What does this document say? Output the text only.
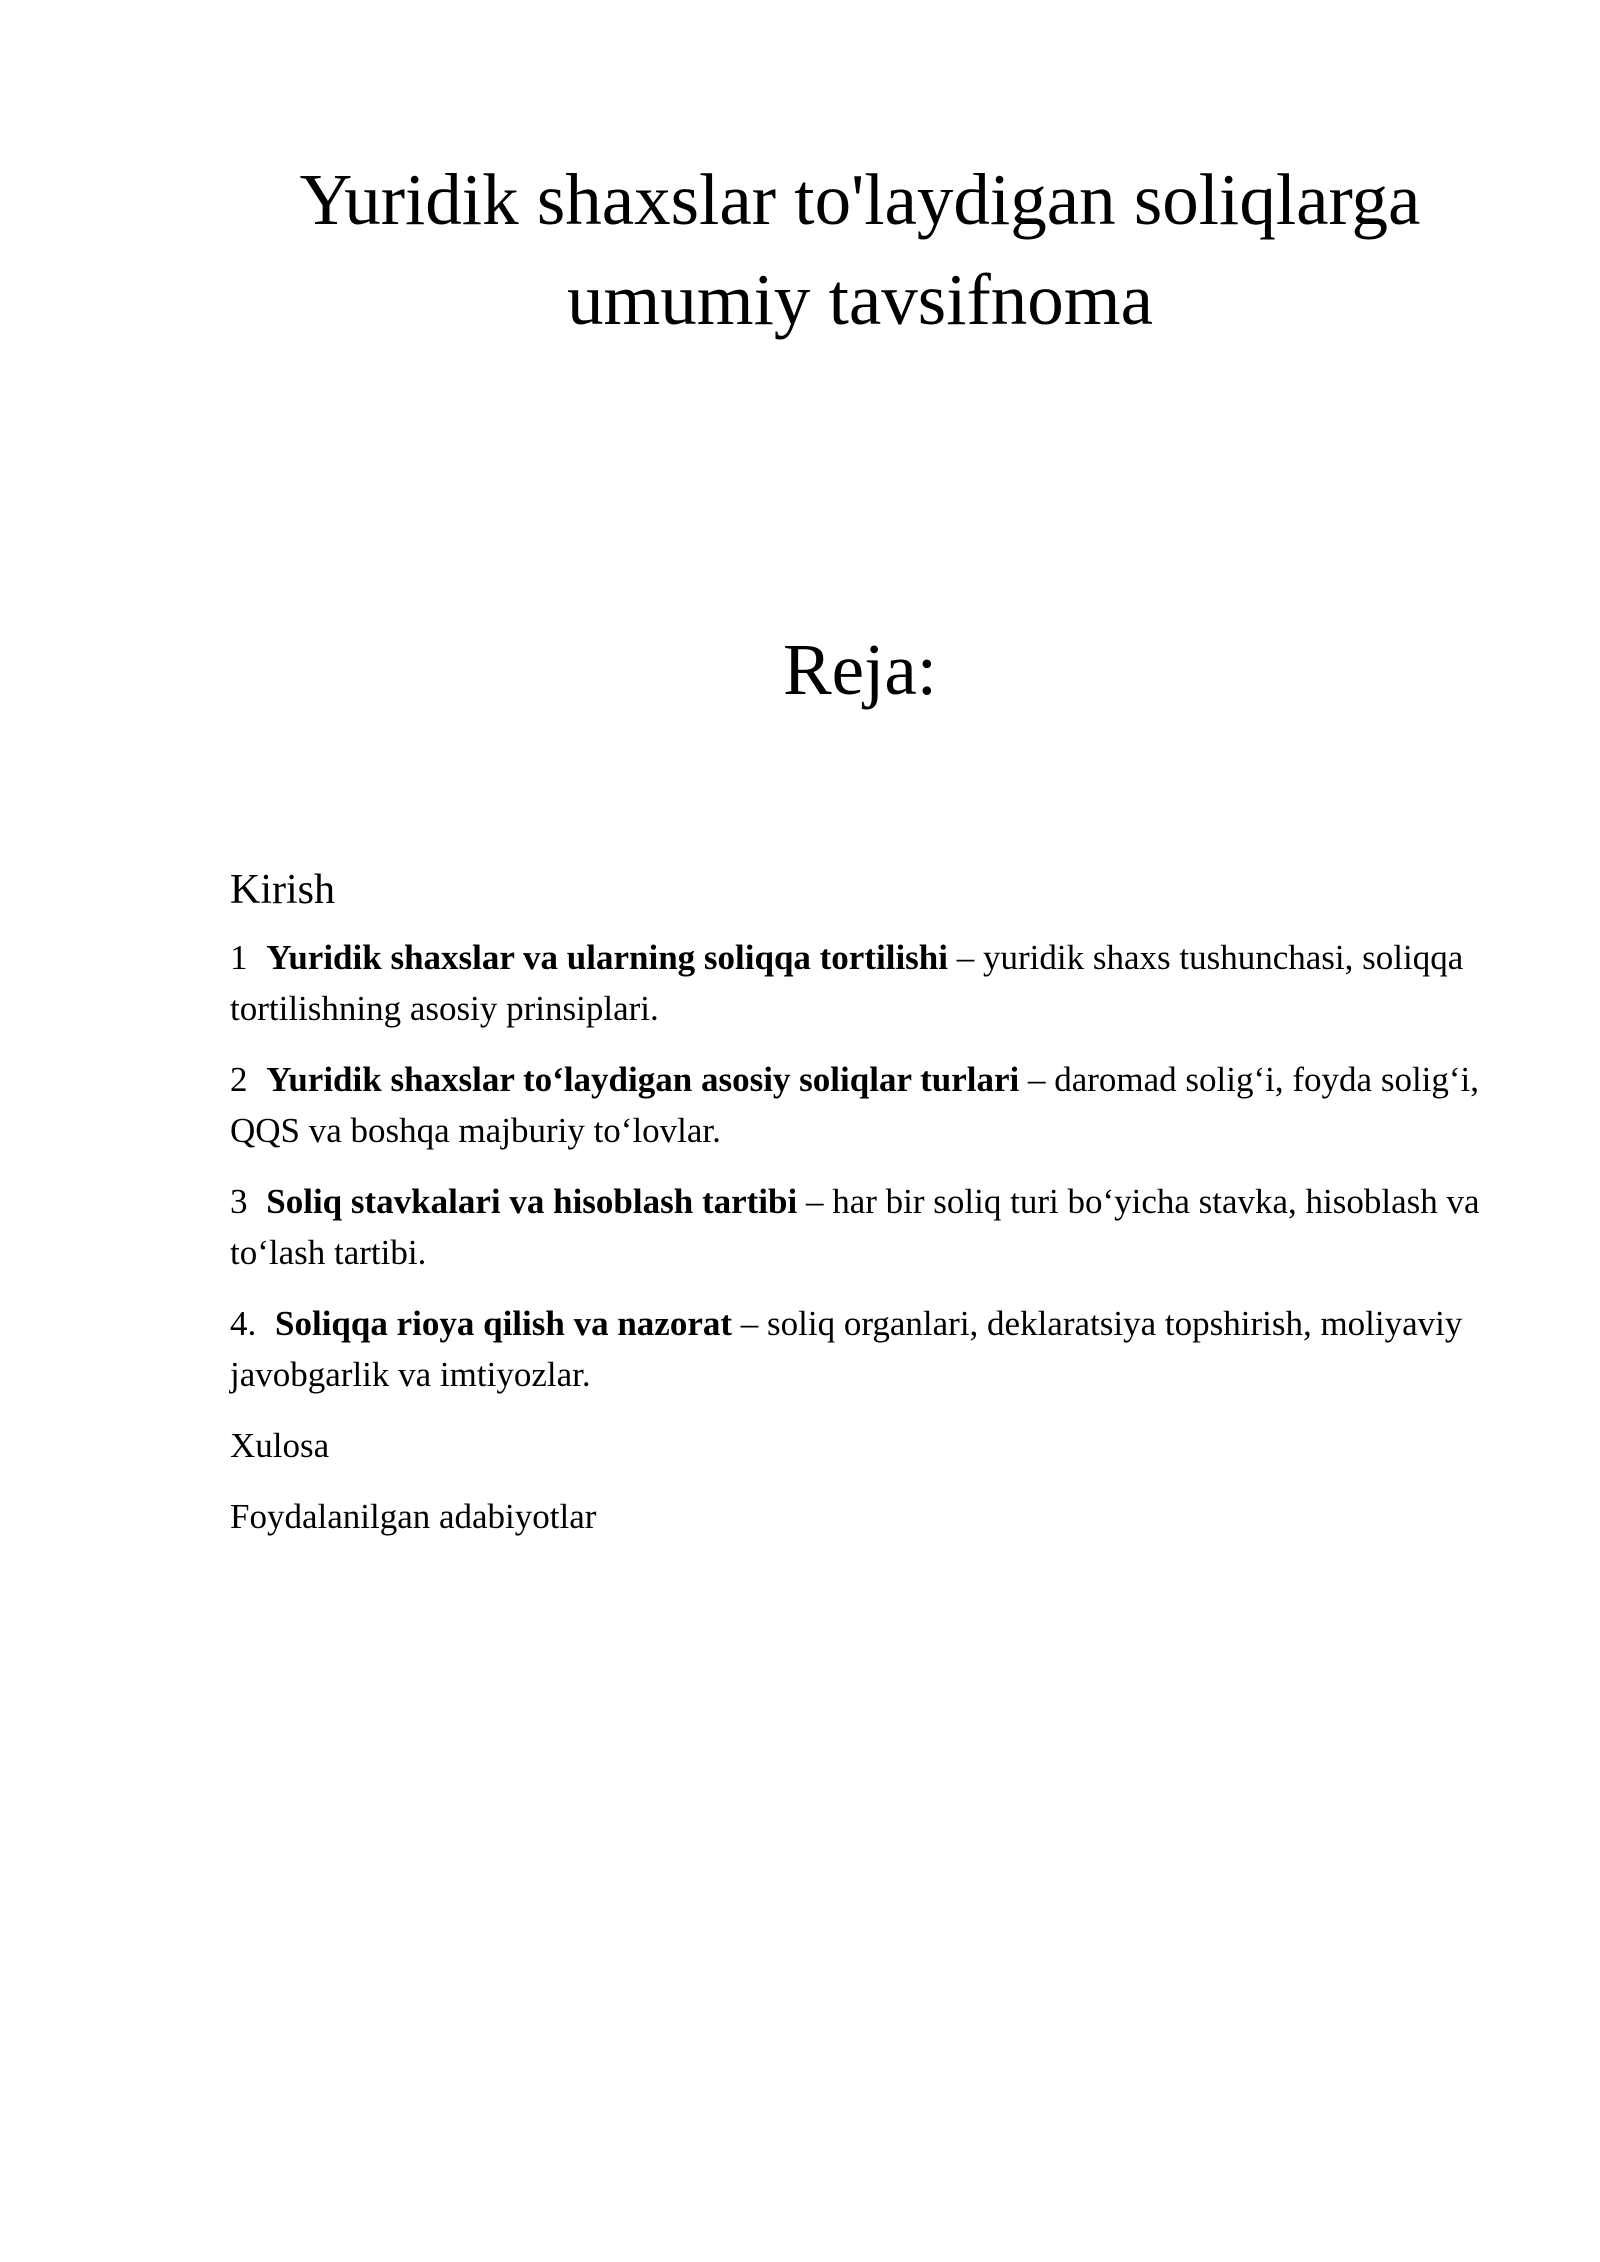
Yuridik shaxslar to'laydigan soliqlarga umumiy tavsifnoma
Reja:

Kirish

1 Yuridik shaxslar va ularning soliqqa tortilishi – yuridik shaxs tushunchasi, soliqqa tortilishning asosiy prinsiplari.

2 Yuridik shaxslar to‘laydigan asosiy soliqlar turlari – daromad solig‘i, foyda solig‘i, QQS va boshqa majburiy to‘lovlar.

3 Soliq stavkalari va hisoblash tartibi – har bir soliq turi bo‘yicha stavka, hisoblash va to‘lash tartibi.

4. Soliqqa rioya qilish va nazorat – soliq organlari, deklaratsiya topshirish, moliyaviy javobgarlik va imtiyozlar.

Xulosa

Foydalanilgan adabiyotlar
